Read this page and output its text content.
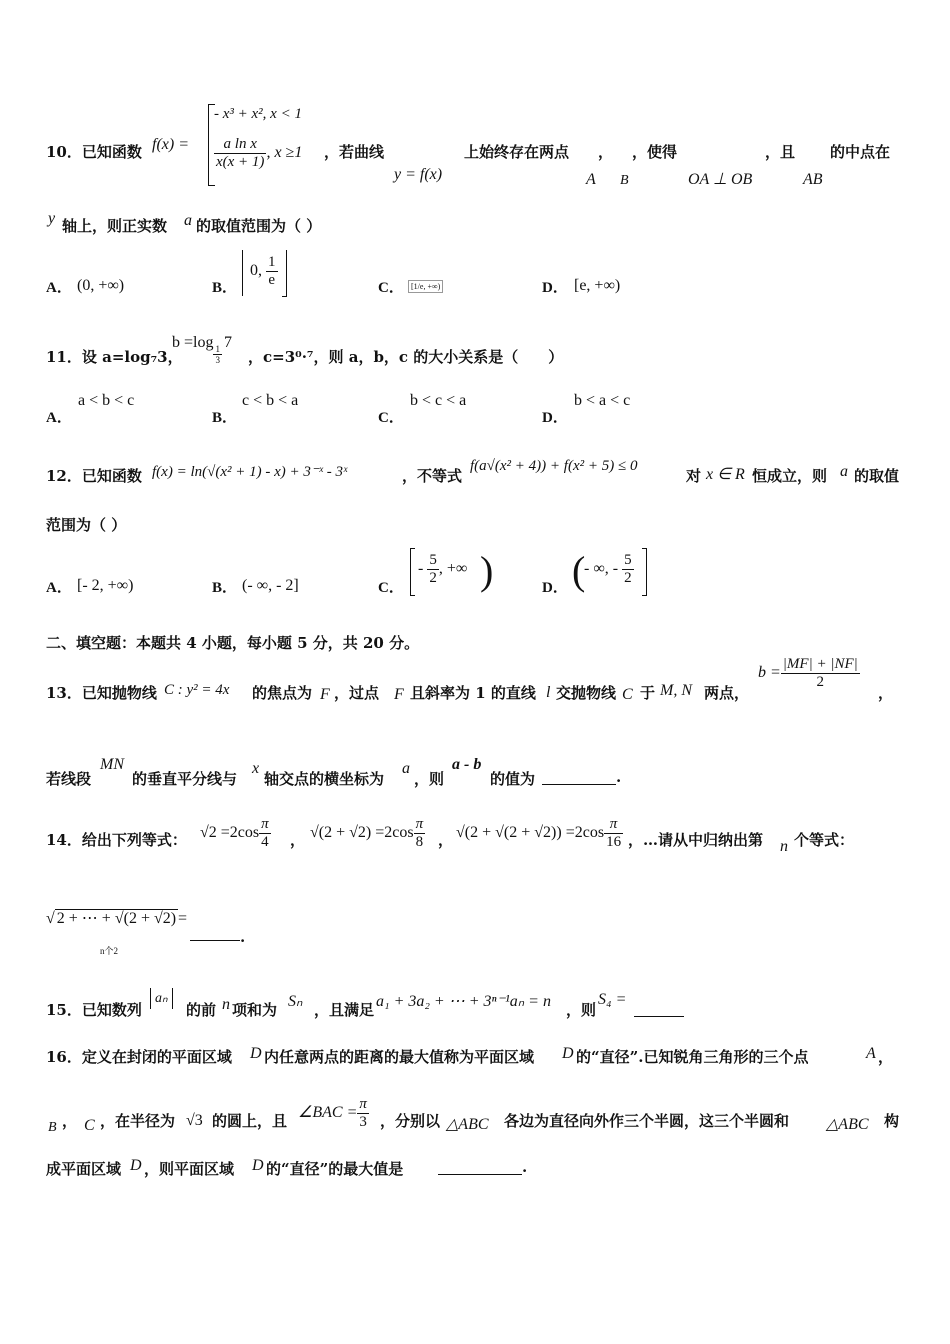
10．已知函数 f(x) =
- x³ + x², x < 1
$\frac{\text{a ln x}}{x(x + 1)}$ , x ≥1 ，若曲线
y = f(x)
上始终存在两点 ， ，使得
A B	OA ⊥ OB
，且
AB
的中点在
y 轴上，则正实数 a 的取值范围为（ ）
A． (0, +∞)	B．
0, $\frac{1}{e}$	C． [1/e, +∞)	D． [e, +∞)
11．设 a=log₇3，
b =log
$\frac{1}{3}$
7
，c=3⁰·⁷，则 a，b，c 的大小关系是（　　）
A．
a < b < c
B．
c < b < a
C．
b < c < a
D．
b < a < c
12．已知函数 f(x) = ln(√(x² + 1) - x) + 3⁻ˣ - 3ˣ	，不等式
f(a√(x² + 4)) + f(x² + 5) ≤ 0
对 x ∈ R 恒成立，则 a 的取值
范围为（ ）
A． [- 2, +∞)	B． (- ∞, - 2]	C．
- $\frac{5}{2}$ , +∞ )	D． (
- ∞, - $\frac{5}{2}$
二、填空题：本题共 4 小题，每小题 5 分，共 20 分。
13．已知抛物线 C : y² = 4x 的焦点为 F ，过点 F 且斜率为 1 的直线 l 交抛物线 C 于 M, N 两点，
$b = \frac{|MF| + |NF|}{2}$
，
若线段
MN
的垂直平分线与
x
轴交点的横坐标为
a
，则
a - b
的值为	.
14．给出下列等式： $√2 =2\cos \frac{\pi}{4}$ ， $√(2 + √2) =2\cos \frac{\pi}{8}$ ， $√(2 + √(2 + √2)) =2\cos \frac{\pi}{16}$ ，…请从中归纳出第 n 个等式：
√ 2 + ⋯ + √(2 + √2) =
.
n个2
15．已知数列
aₙ
的前 n 项和为 Sₙ ，且满足 a₁ + 3a₂ + ⋯ + 3ⁿ⁻¹aₙ = n ，则
S₄ =
16．定义在封闭的平面区域 D 内任意两点的距离的最大值称为平面区域 D 的“直径”.已知锐角三角形的三个点	A ，
B ， C ，在半径为 √3 的圆上，且 ∠BAC = $\frac{\pi}{3}$ ，分别以 △ABC 各边为直径向外作三个半圆，这三个半圆和 △ABC 构
成平面区域 D ，则平面区域 D 的“直径”的最大值是	.
